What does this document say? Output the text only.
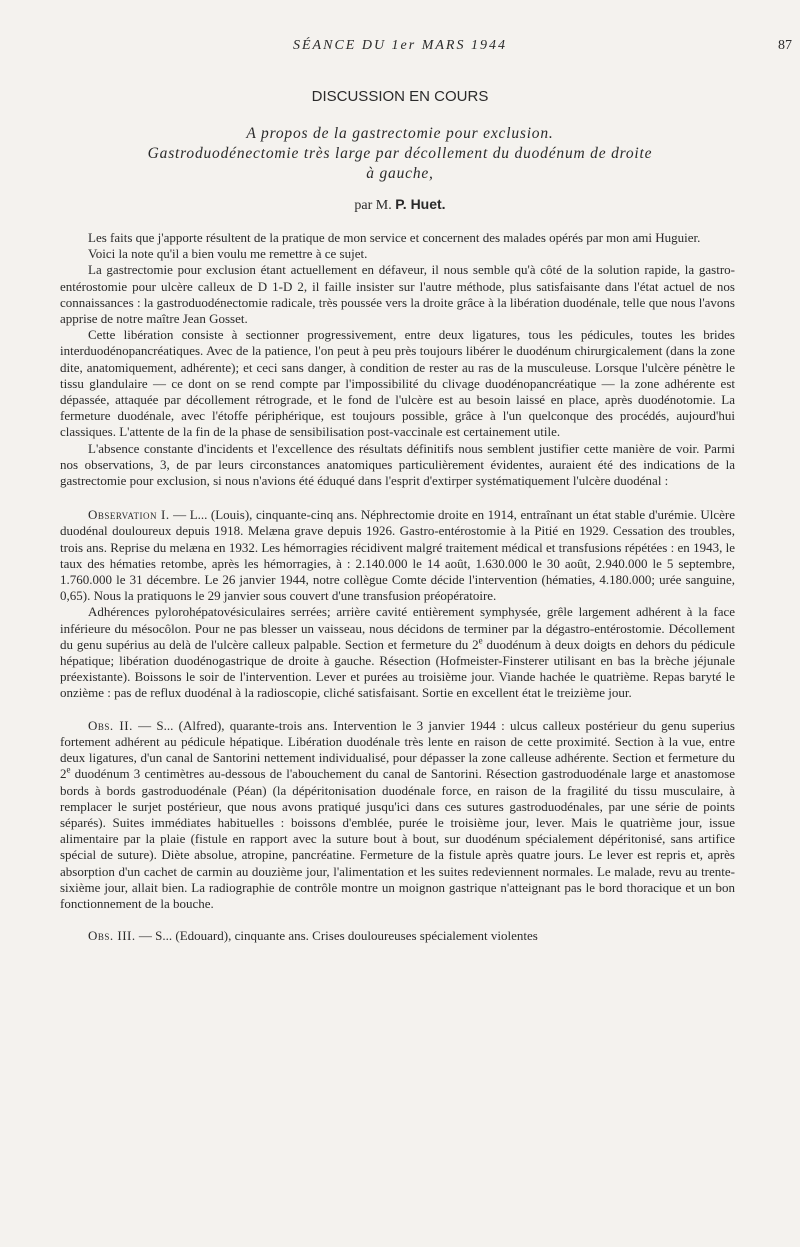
SÉANCE DU 1er MARS 1944	87
DISCUSSION EN COURS
A propos de la gastrectomie pour exclusion.
Gastroduodénectomie très large par décollement du duodénum de droite
à gauche,
par M. P. Huet.

Les faits que j'apporte résultent de la pratique de mon service et concernent des malades opérés par mon ami Huguier.

Voici la note qu'il a bien voulu me remettre à ce sujet.

La gastrectomie pour exclusion étant actuellement en défaveur, il nous semble qu'à côté de la solution rapide, la gastro-entérostomie pour ulcère calleux de D 1-D 2, il faille insister sur l'autre méthode, plus satisfaisante dans l'état actuel de nos connaissances : la gastroduodénectomie radicale, très poussée vers la droite grâce à la libération duodénale, telle que nous l'avons apprise de notre maître Jean Gosset.

Cette libération consiste à sectionner progressivement, entre deux ligatures, tous les pédicules, toutes les brides interduodénopancréatiques. Avec de la patience, l'on peut à peu près toujours libérer le duodénum chirurgicalement (dans la zone dite, anatomiquement, adhérente); et ceci sans danger, à condition de rester au ras de la musculeuse. Lorsque l'ulcère pénètre le tissu glandulaire — ce dont on se rend compte par l'impossibilité du clivage duodénopancréatique — la zone adhérente est dépassée, attaquée par décollement rétrograde, et le fond de l'ulcère est au besoin laissé en place, après duodénotomie. La fermeture duodénale, avec l'étoffe périphérique, est toujours possible, grâce à l'un quelconque des procédés, aujourd'hui classiques. L'attente de la fin de la phase de sensibilisation post-vaccinale est certainement utile.

L'absence constante d'incidents et l'excellence des résultats définitifs nous semblent justifier cette manière de voir. Parmi nos observations, 3, de par leurs circonstances anatomiques particulièrement évidentes, auraient été des indications de la gastrectomie pour exclusion, si nous n'avions été éduqué dans l'esprit d'extirper systématiquement l'ulcère duodénal :

Observation I. — L... (Louis), cinquante-cinq ans. Néphrectomie droite en 1914, entraînant un état stable d'urémie. Ulcère duodénal douloureux depuis 1918. Melæna grave depuis 1926. Gastro-entérostomie à la Pitié en 1929. Cessation des troubles, trois ans. Reprise du melæna en 1932. Les hémorragies récidivent malgré traitement médical et transfusions répétées : en 1943, le taux des hématies retombe, après les hémorragies, à : 2.140.000 le 14 août, 1.630.000 le 30 août, 2.940.000 le 5 septembre, 1.760.000 le 31 décembre. Le 26 janvier 1944, notre collègue Comte décide l'intervention (hématies, 4.180.000; urée sanguine, 0,65). Nous la pratiquons le 29 janvier sous couvert d'une transfusion préopératoire.

Adhérences pylorohépatovésiculaires serrées; arrière cavité entièrement symphysée, grêle largement adhérent à la face inférieure du mésocôlon. Pour ne pas blesser un vaisseau, nous décidons de terminer par la dégastro-entérostomie. Décollement du genu supérius au delà de l'ulcère calleux palpable. Section et fermeture du 2e duodénum à deux doigts en dehors du pédicule hépatique; libération duodénogastrique de droite à gauche. Résection (Hofmeister-Finsterer utilisant en bas la brèche jéjunale préexistante). Boissons le soir de l'intervention. Lever et purées au troisième jour. Viande hachée le quatrième. Repas baryté le onzième : pas de reflux duodénal à la radioscopie, cliché satisfaisant. Sortie en excellent état le treizième jour.

Obs. II. — S... (Alfred), quarante-trois ans. Intervention le 3 janvier 1944 : ulcus calleux postérieur du genu superius fortement adhérent au pédicule hépatique. Libération duodénale très lente en raison de cette proximité. Section à la vue, entre deux ligatures, d'un canal de Santorini nettement individualisé, pour dépasser la zone calleuse adhérente. Section et fermeture du 2e duodénum 3 centimètres au-dessous de l'abouchement du canal de Santorini. Résection gastroduodénale large et anastomose bords à bords gastroduodénale (Péan) (la dépéritonisation duodénale force, en raison de la fragilité du tissu musculaire, à remplacer le surjet postérieur, que nous avons pratiqué jusqu'ici dans ces sutures gastroduodénales, par une série de points séparés). Suites immédiates habituelles : boissons d'emblée, purée le troisième jour, lever. Mais le quatrième jour, issue alimentaire par la plaie (fistule en rapport avec la suture bout à bout, sur duodénum spécialement dépéritonisé, sans artifice spécial de suture). Diète absolue, atropine, pancréatine. Fermeture de la fistule après quatre jours. Le lever est repris et, après absorption d'un cachet de carmin au douzième jour, l'alimentation et les suites redeviennent normales. Le malade, revu au trente-sixième jour, allait bien. La radiographie de contrôle montre un moignon gastrique n'atteignant pas le bord thoracique et un bon fonctionnement de la bouche.

Obs. III. — S... (Edouard), cinquante ans. Crises douloureuses spécialement violentes
